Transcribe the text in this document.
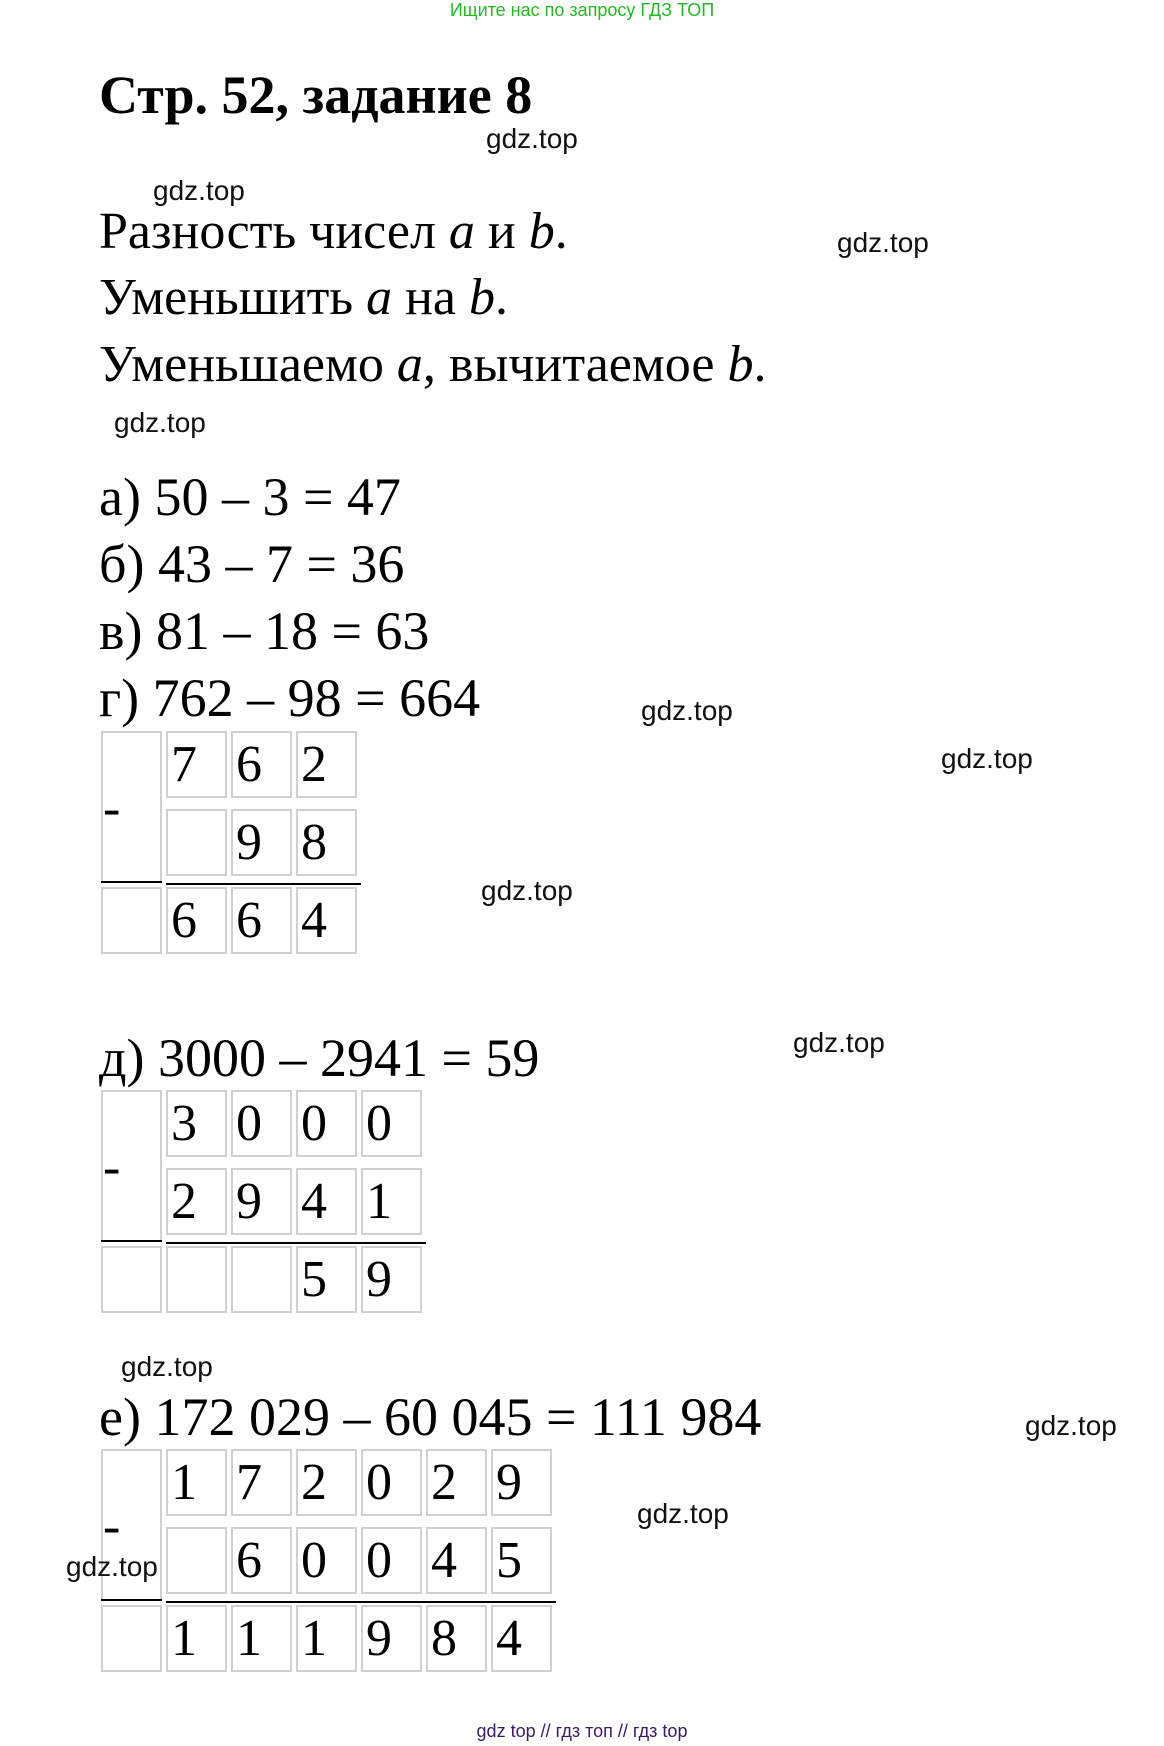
Ищите нас по запросу ГДЗ ТОП
Стр. 52, задание 8
Разность чисел a и b.
Уменьшить a на b.
Уменьшаемо a, вычитаемое b.
а) 50 – 3 = 47
б) 43 – 7 = 36
в) 81 – 18 = 63
г) 762 – 98 = 664
-
7 6 2
9 8
6 6 4
д) 3000 – 2941 = 59
-
3 0 0 0
2 9 4 1
5 9
е) 172 029 – 60 045 = 111 984
-
1 7 2 0 2 9
6 0 0 4 5
1 1 1 9 8 4
gdz.top
gdz.top
gdz.top
gdz.top
gdz.top
gdz.top
gdz.top
gdz.top
gdz.top
gdz.top
gdz.top
gdz.top
gdz top // гдз топ // гдз top
